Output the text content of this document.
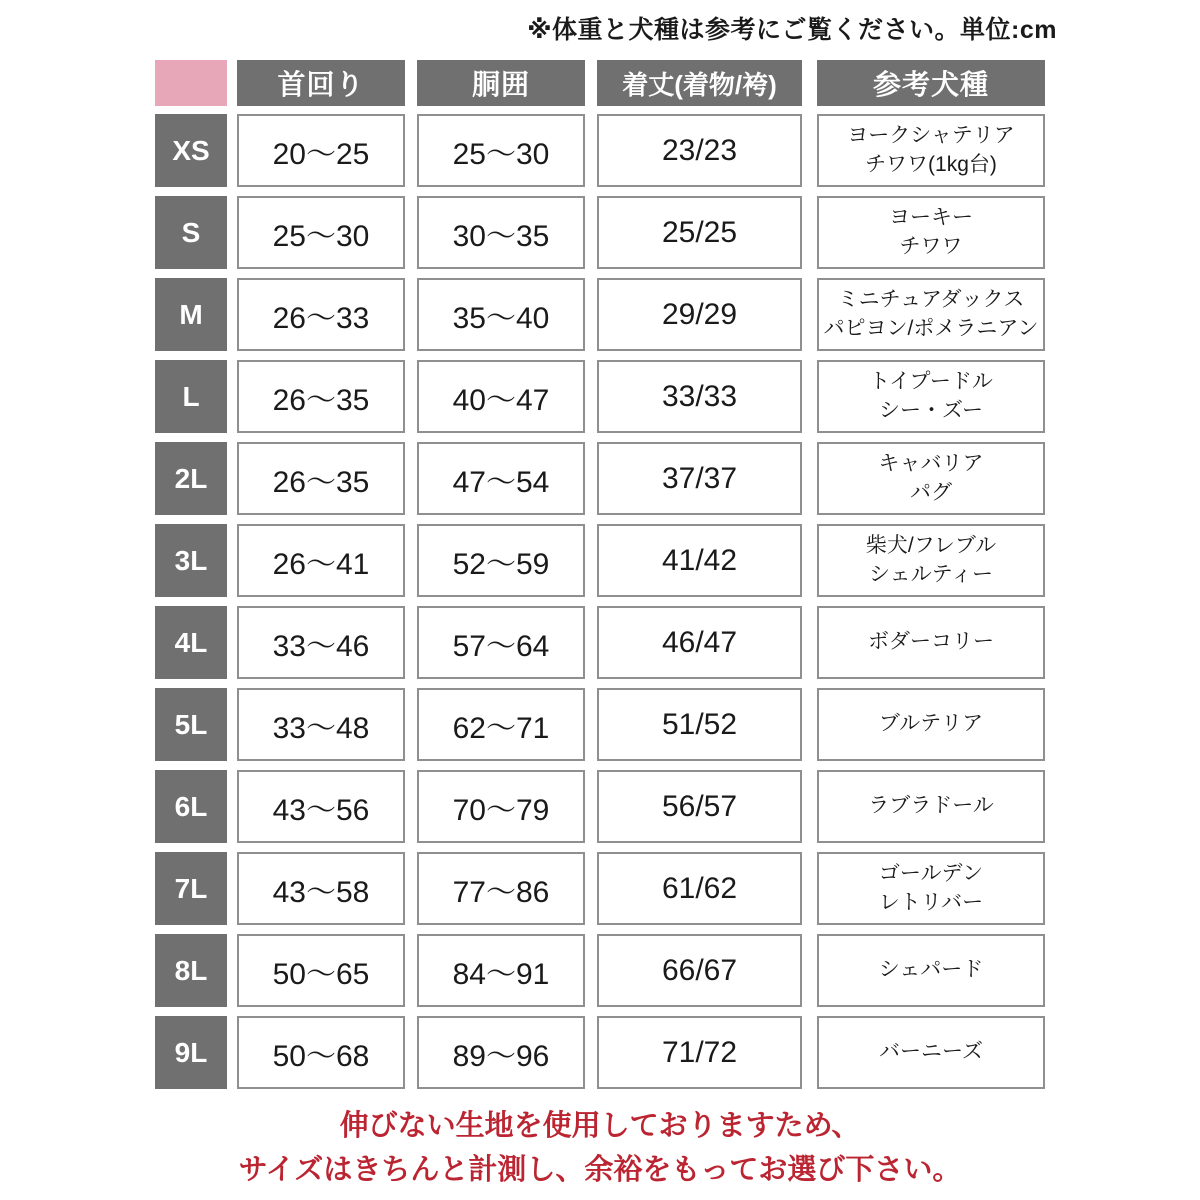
※体重と犬種は参考にご覧ください。単位:cm
首回り	胴囲	着丈(着物/袴)	参考犬種
XS	20〜25	25〜30	23/23	ヨークシャテリア
チワワ(1kg台)
S	25〜30	30〜35	25/25	ヨーキー
チワワ
M	26〜33	35〜40	29/29	ミニチュアダックス
パピヨン/ポメラニアン
L	26〜35	40〜47	33/33	トイプードル
シー・ズー
2L	26〜35	47〜54	37/37	キャバリア
パグ
3L	26〜41	52〜59	41/42	柴犬/フレブル
シェルティー
4L	33〜46	57〜64	46/47	ボダーコリー
5L	33〜48	62〜71	51/52	ブルテリア
6L	43〜56	70〜79	56/57	ラブラドール
7L	43〜58	77〜86	61/62	ゴールデン
レトリバー
8L	50〜65	84〜91	66/67	シェパード
9L	50〜68	89〜96	71/72	バーニーズ
伸びない生地を使用しておりますため、
サイズはきちんと計測し、余裕をもってお選び下さい。
